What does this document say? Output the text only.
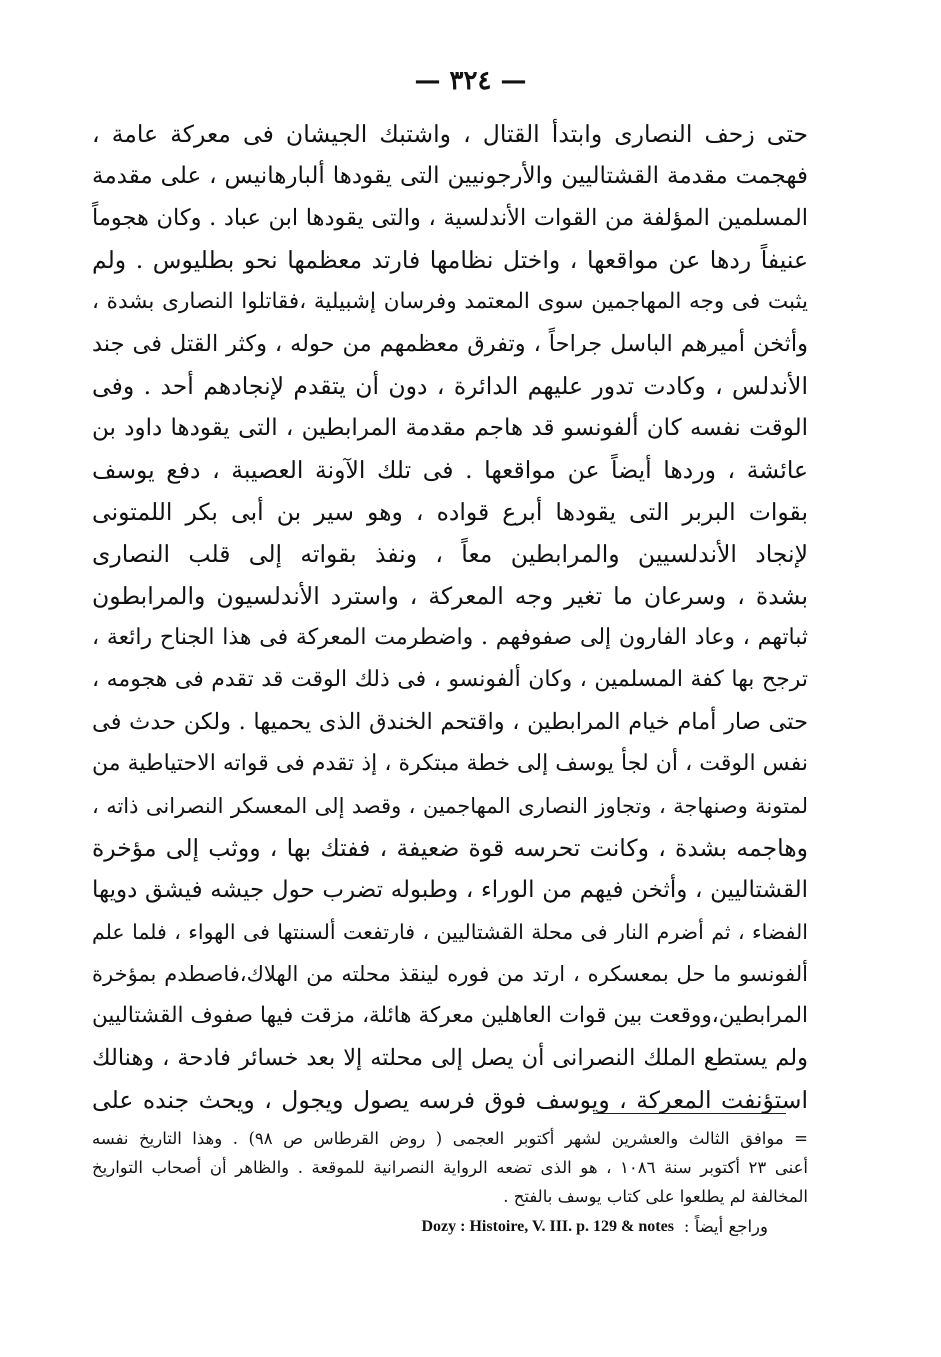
— ٣٢٤ —
حتى زحف النصارى وابتدأ القتال ، واشتبك الجيشان فى معركة عامة ،
فهجمت مقدمة القشتاليين والأرجونيين التى يقودها ألبارهانيس ، على مقدمة
المسلمين المؤلفة من القوات الأندلسية ، والتى يقودها ابن عباد . وكان هجوماً
عنيفاً ردها عن مواقعها ، واختل نظامها فارتد معظمها نحو بطليوس . ولم
يثبت فى وجه المهاجمين سوى المعتمد وفرسان إشبيلية ،فقاتلوا النصارى بشدة ،
وأثخن أميرهم الباسل جراحاً ، وتفرق معظمهم من حوله ، وكثر القتل فى جند
الأندلس ، وكادت تدور عليهم الدائرة ، دون أن يتقدم لإنجادهم أحد . وفى
الوقت نفسه كان ألفونسو قد هاجم مقدمة المرابطين ، التى يقودها داود بن
عائشة ، وردها أيضاً عن مواقعها . فى تلك الآونة العصيبة ، دفع يوسف
بقوات البربر التى يقودها أبرع قواده ، وهو سير بن أبى بكر اللمتونى
لإنجاد الأندلسيين والمرابطين معاً ، ونفذ بقواته إلى قلب النصارى
بشدة ، وسرعان ما تغير وجه المعركة ، واسترد الأندلسيون والمرابطون
ثباتهم ، وعاد الفارون إلى صفوفهم . واضطرمت المعركة فى هذا الجناح رائعة ،
ترجح بها كفة المسلمين ، وكان ألفونسو ، فى ذلك الوقت قد تقدم فى هجومه ،
حتى صار أمام خيام المرابطين ، واقتحم الخندق الذى يحميها . ولكن حدث فى
نفس الوقت ، أن لجأ يوسف إلى خطة مبتكرة ، إذ تقدم فى قواته الاحتياطية من
لمتونة وصنهاجة ، وتجاوز النصارى المهاجمين ، وقصد إلى المعسكر النصرانى ذاته ،
وهاجمه بشدة ، وكانت تحرسه قوة ضعيفة ، ففتك بها ، ووثب إلى مؤخرة
القشتاليين ، وأثخن فيهم من الوراء ، وطبوله تضرب حول جيشه فيشق دويها
الفضاء ، ثم أضرم النار فى محلة القشتاليين ، فارتفعت ألسنتها فى الهواء ، فلما علم
ألفونسو ما حل بمعسكره ، ارتد من فوره لينقذ محلته من الهلاك،فاصطدم بمؤخرة
المرابطين،ووقعت بين قوات العاهلين معركة هائلة، مزقت فيها صفوف القشتاليين
ولم يستطع الملك النصرانى أن يصل إلى محلته إلا بعد خسائر فادحة ، وهنالك
استؤنفت المعركة ، ويوسف فوق فرسه يصول ويجول ، ويحث جنده على
= موافق الثالث والعشرين لشهر أكتوبر العجمى ( روض القرطاس ص ٩٨) . وهذا التاريخ نفسه
أعنى ٢٣ أكتوبر سنة ١٠٨٦ ، هو الذى تضعه الرواية النصرانية للموقعة . والظاهر أن أصحاب التواريخ
المخالفة لم يطلعوا على كتاب يوسف بالفتح .
وراجع أيضاً :
Dozy : Histoire, V. III. p. 129 & notes
